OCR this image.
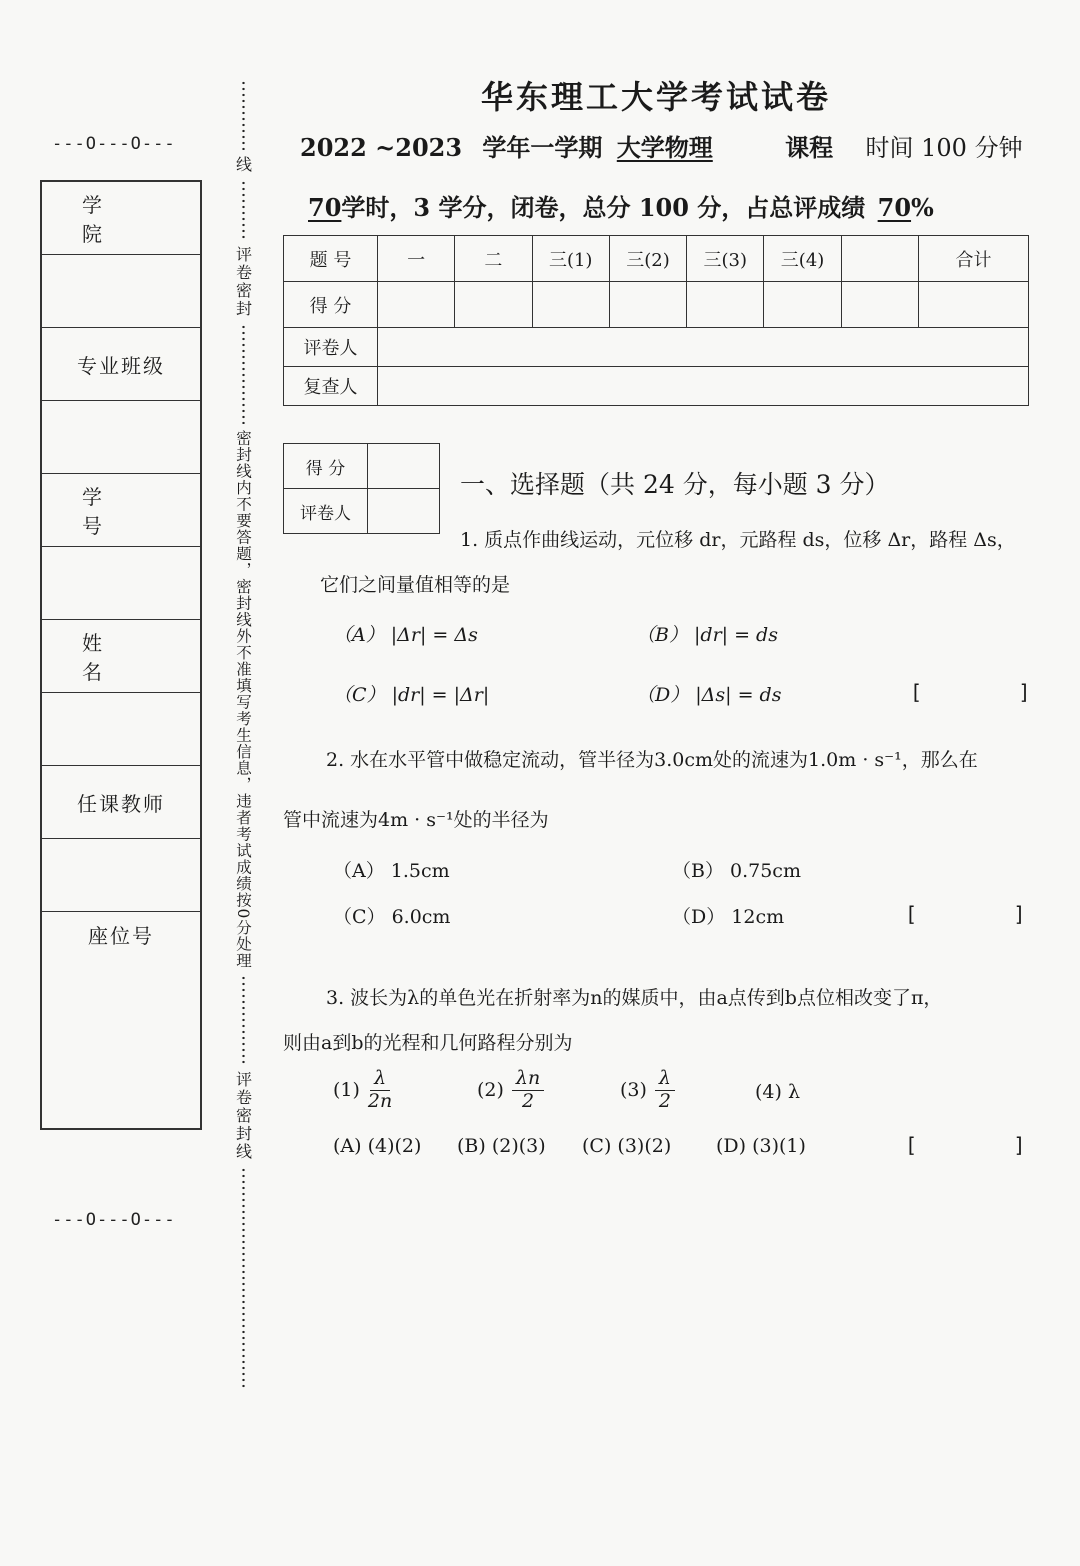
---O---O---
学 院
专业班级
学 号
姓 名
任课教师
座位号
---O---O---
线
评卷密封
密封线内不要答题，密封线外不准填写考生信息，违者考试成绩按0分处理
评卷密封线
华东理工大学考试试卷
2022 ~2023 学年一学期 大学物理	课程 时间 100 分钟
70学时，3 学分，闭卷，总分 100 分，占总评成绩 70%
题 号	一	二	三(1)	三(2)	三(3)	三(4)		合计
得 分								
评卷人								
复查人								
得 分	
评卷人	
一、选择题（共 24 分，每小题 3 分）
1. 质点作曲线运动，元位移 dr，元路程 ds，位移 Δr，路程 Δs，
它们之间量值相等的是
（A） |Δr| = Δs	（B） |dr| = ds
（C） |dr| = |Δr|	（D） |Δs| = ds	[        ]
2. 水在水平管中做稳定流动，管半径为3.0cm处的流速为1.0m · s⁻¹，那么在
管中流速为4m · s⁻¹处的半径为
（A） 1.5cm	（B） 0.75cm
（C） 6.0cm	（D） 12cm	[        ]
3. 波长为λ的单色光在折射率为n的媒质中，由a点传到b点位相改变了π，
则由a到b的光程和几何路程分别为
$(1) \frac{\lambda}{2n}$	$(2) \frac{\lambda n}{2}$	$(3) \frac{\lambda}{2}$	(4) λ
(A) (4)(2) (B) (2)(3) (C) (3)(2) (D) (3)(1)	[        ]
